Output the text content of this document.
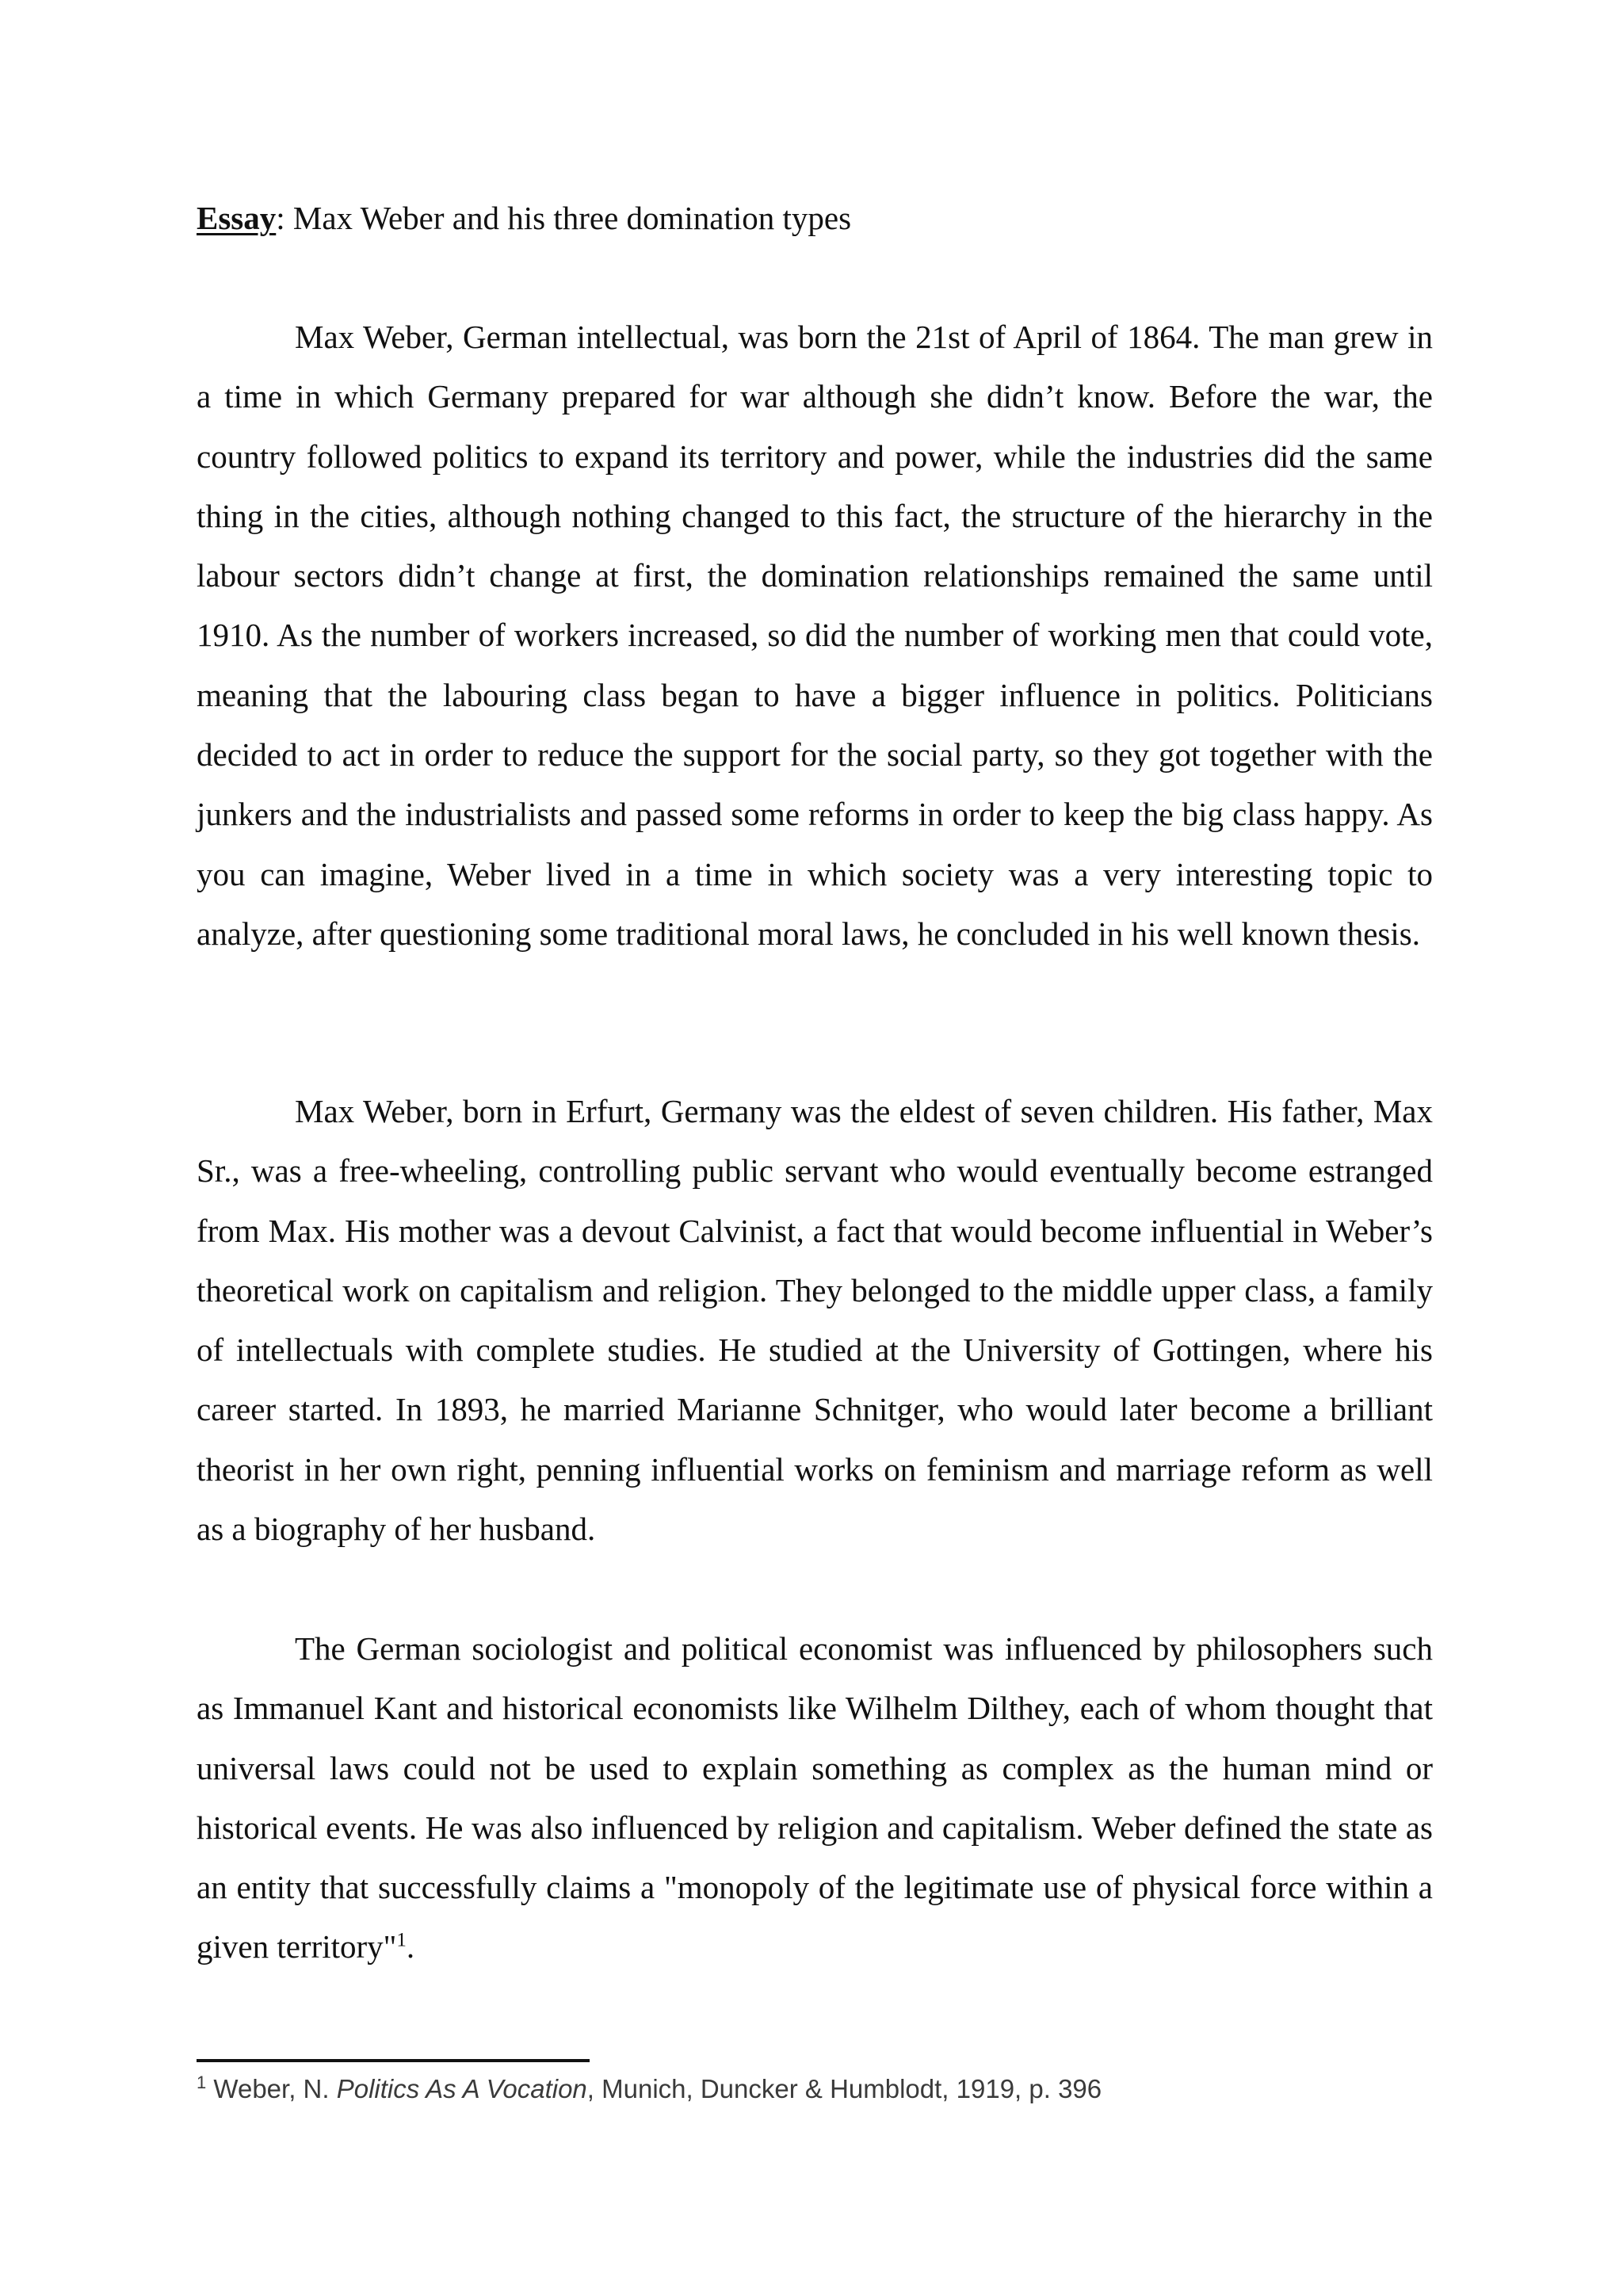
Essay: Max Weber and his three domination types

Max Weber, German intellectual, was born the 21st of April of 1864. The man grew in a time in which Germany prepared for war although she didn’t know. Before the war, the country followed politics to expand its territory and power, while the industries did the same thing in the cities, although nothing changed to this fact, the structure of the hierarchy in the labour sectors didn’t change at first, the domination relationships remained the same until 1910. As the number of workers increased, so did the number of working men that could vote, meaning that the labouring class began to have a bigger influence in politics. Politicians decided to act in order to reduce the support for the social party, so they got together with the junkers and the industrialists and passed some reforms in order to keep the big class happy. As you can imagine, Weber lived in a time in which society was a very interesting topic to analyze, after questioning some traditional moral laws, he concluded in his well known thesis.

Max Weber, born in Erfurt, Germany was the eldest of seven children. His father, Max Sr., was a free-wheeling, controlling public servant who would eventually become estranged from Max. His mother was a devout Calvinist, a fact that would become influential in Weber’s theoretical work on capitalism and religion. They belonged to the middle upper class, a family of intellectuals with complete studies. He studied at the University of Gottingen, where his career started. In 1893, he married Marianne Schnitger, who would later become a brilliant theorist in her own right, penning influential works on feminism and marriage reform as well as a biography of her husband.

The German sociologist and political economist was influenced by philosophers such as Immanuel Kant and historical economists like Wilhelm Dilthey, each of whom thought that universal laws could not be used to explain something as complex as the human mind or historical events. He was also influenced by religion and capitalism. Weber defined the state as an entity that successfully claims a "monopoly of the legitimate use of physical force within a given territory"$^1$.

$^1$ Weber, N. Politics As A Vocation, Munich, Duncker & Humblodt, 1919, p. 396
